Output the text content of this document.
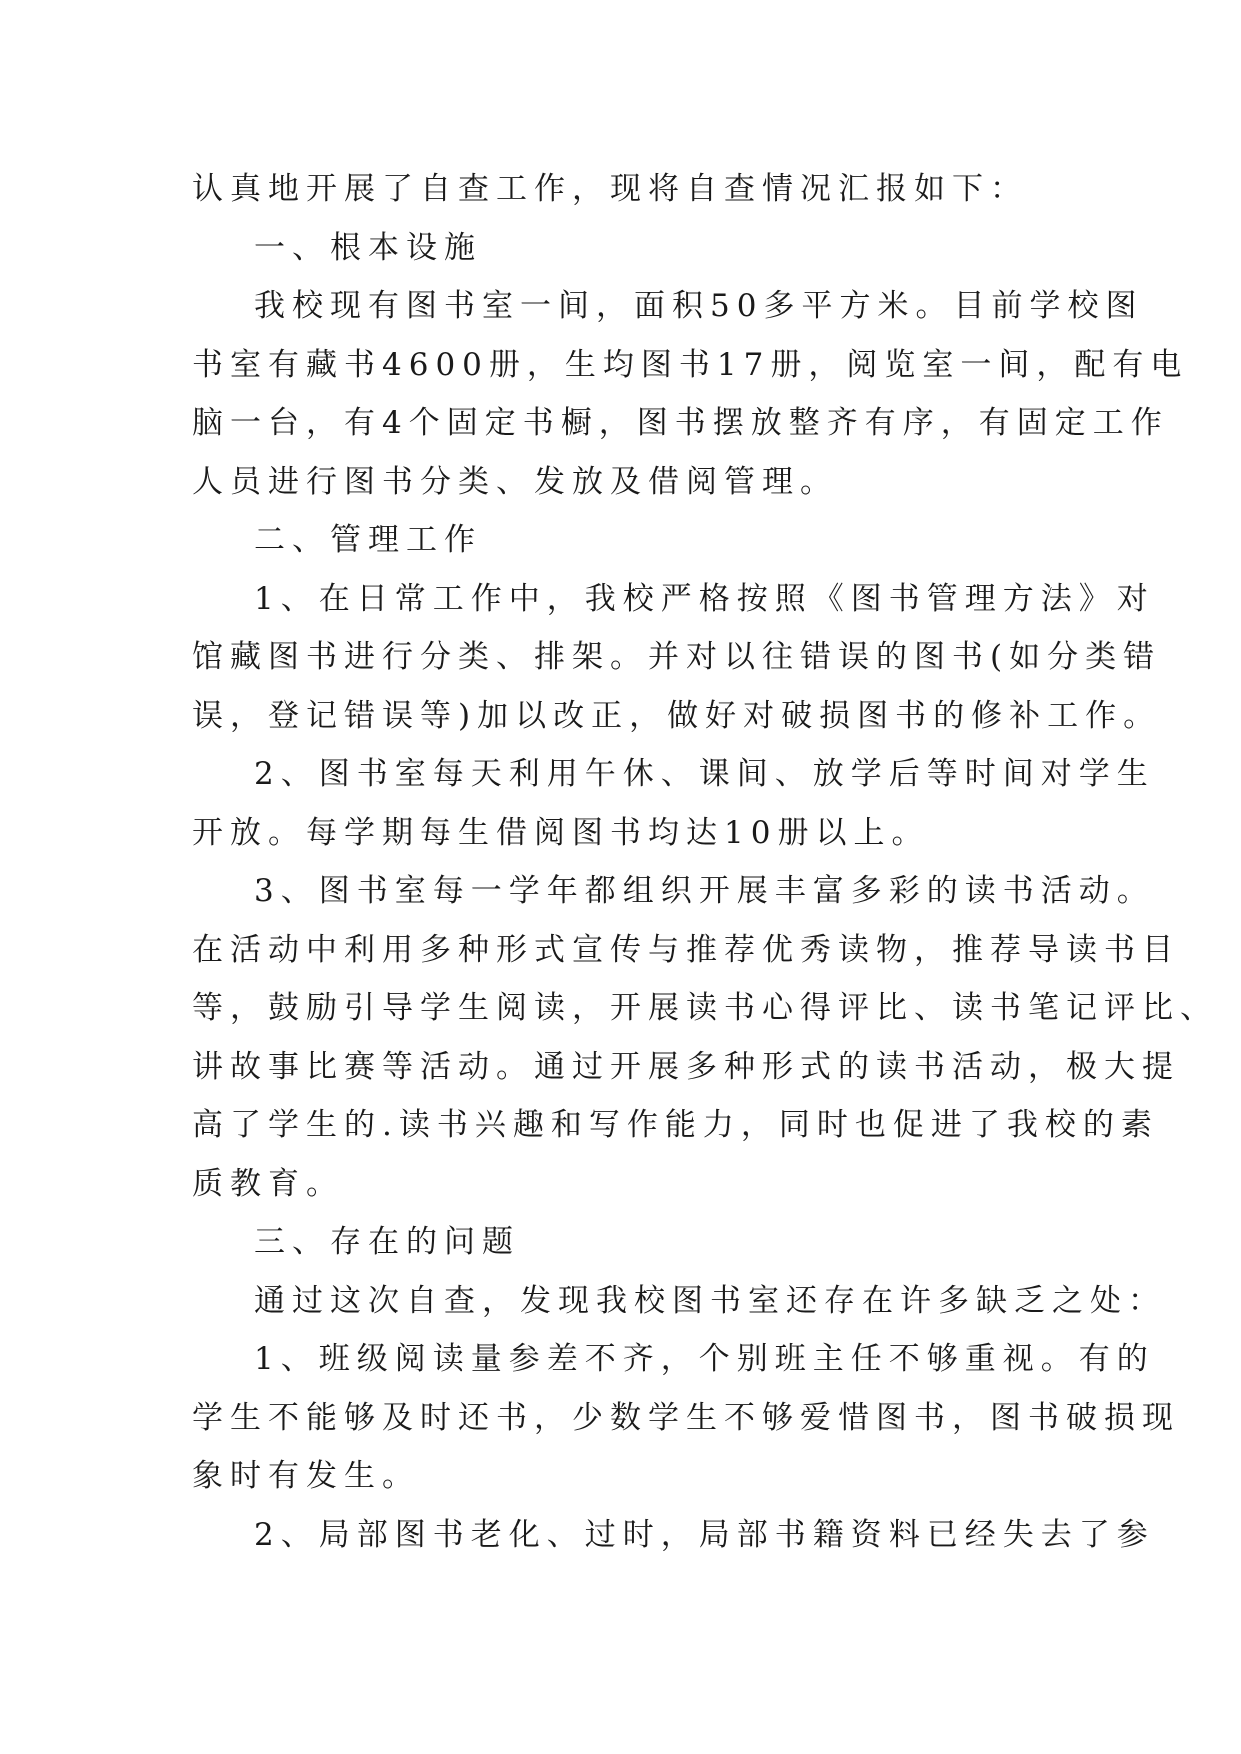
认真地开展了自查工作，现将自查情况汇报如下：
一、根本设施
我校现有图书室一间，面积50多平方米。目前学校图
书室有藏书4600册，生均图书17册，阅览室一间，配有电
脑一台，有4个固定书橱，图书摆放整齐有序，有固定工作
人员进行图书分类、发放及借阅管理。
二、管理工作
1、在日常工作中，我校严格按照《图书管理方法》对
馆藏图书进行分类、排架。并对以往错误的图书(如分类错
误，登记错误等)加以改正，做好对破损图书的修补工作。
2、图书室每天利用午休、课间、放学后等时间对学生
开放。每学期每生借阅图书均达10册以上。
3、图书室每一学年都组织开展丰富多彩的读书活动。
在活动中利用多种形式宣传与推荐优秀读物，推荐导读书目
等，鼓励引导学生阅读，开展读书心得评比、读书笔记评比、
讲故事比赛等活动。通过开展多种形式的读书活动，极大提
高了学生的.读书兴趣和写作能力，同时也促进了我校的素
质教育。
三、存在的问题
通过这次自查，发现我校图书室还存在许多缺乏之处：
1、班级阅读量参差不齐，个别班主任不够重视。有的
学生不能够及时还书，少数学生不够爱惜图书，图书破损现
象时有发生。
2、局部图书老化、过时，局部书籍资料已经失去了参
